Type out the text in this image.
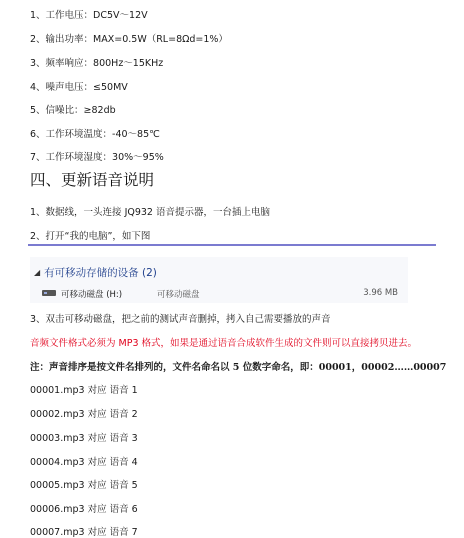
1、工作电压：DC5V～12V
2、输出功率：MAX=0.5W（RL=8Ωd=1%）
3、频率响应：800Hz～15KHz
4、噪声电压：≤50MV
5、信噪比：≥82db
6、工作环境温度：-40～85℃
7、工作环境湿度：30%～95%
四、更新语音说明
1、数据线，一头连接 JQ932 语音提示器，一台插上电脑
2、打开“我的电脑”，如下图
◢ 有可移动存储的设备 (2)
可移动磁盘 (H:)	可移动磁盘	3.96 MB
3、双击可移动磁盘，把之前的测试声音删掉，拷入自己需要播放的声音
音频文件格式必须为 MP3 格式，如果是通过语音合成软件生成的文件则可以直接拷贝进去。
注：声音排序是按文件名排列的，文件名命名以 5 位数字命名，即：00001，00002……00007
00001.mp3 对应 语音 1
00002.mp3 对应 语音 2
00003.mp3 对应 语音 3
00004.mp3 对应 语音 4
00005.mp3 对应 语音 5
00006.mp3 对应 语音 6
00007.mp3 对应 语音 7
